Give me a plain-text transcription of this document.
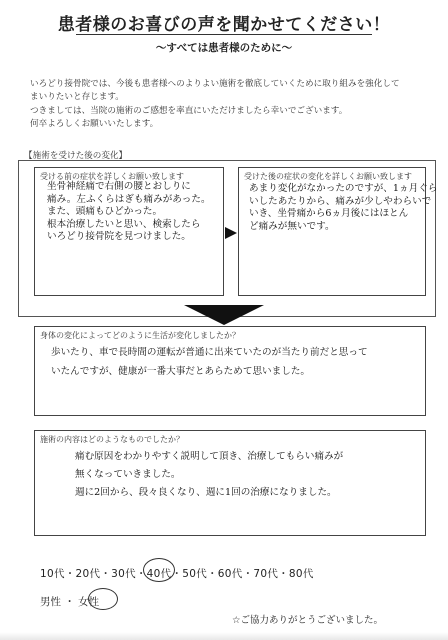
患者様のお喜びの声を聞かせてください！
～すべては患者様のために～
いろどり接骨院では、今後も患者様へのよりよい施術を徹底していくために取り組みを強化して
まいりたいと存じます。
つきましては、当院の施術のご感想を率直にいただけましたら幸いでございます。
何卒よろしくお願いいたします。
【施術を受けた後の変化】
受ける前の症状を詳しくお願い致します
坐骨神経痛で右側の腰とおしりに
痛み。左ふくらはぎも痛みがあった。
また、頭痛もひどかった。
根本治療したいと思い、検索したら
いろどり接骨院を見つけました。
受けた後の症状の変化を詳しくお願い致します
あまり変化がなかったのですが、1ヵ月ぐら
いしたあたりから、痛みが少しやわらいで
いき、坐骨痛から6ヵ月後にはほとん
ど痛みが無いです。
身体の変化によってどのように生活が変化しましたか？
歩いたり、車で長時間の運転が普通に出来ていたのが当たり前だと思って
いたんですが、健康が一番大事だとあらためて思いました。
施術の内容はどのようなものでしたか？
痛む原因をわかりやすく説明して頂き、治療してもらい痛みが
無くなっていきました。
週に2回から、段々良くなり、週に1回の治療になりました。
10代・20代・30代・40代・50代・60代・70代・80代
男性 ・ 女性
☆ご協力ありがとうございました。
